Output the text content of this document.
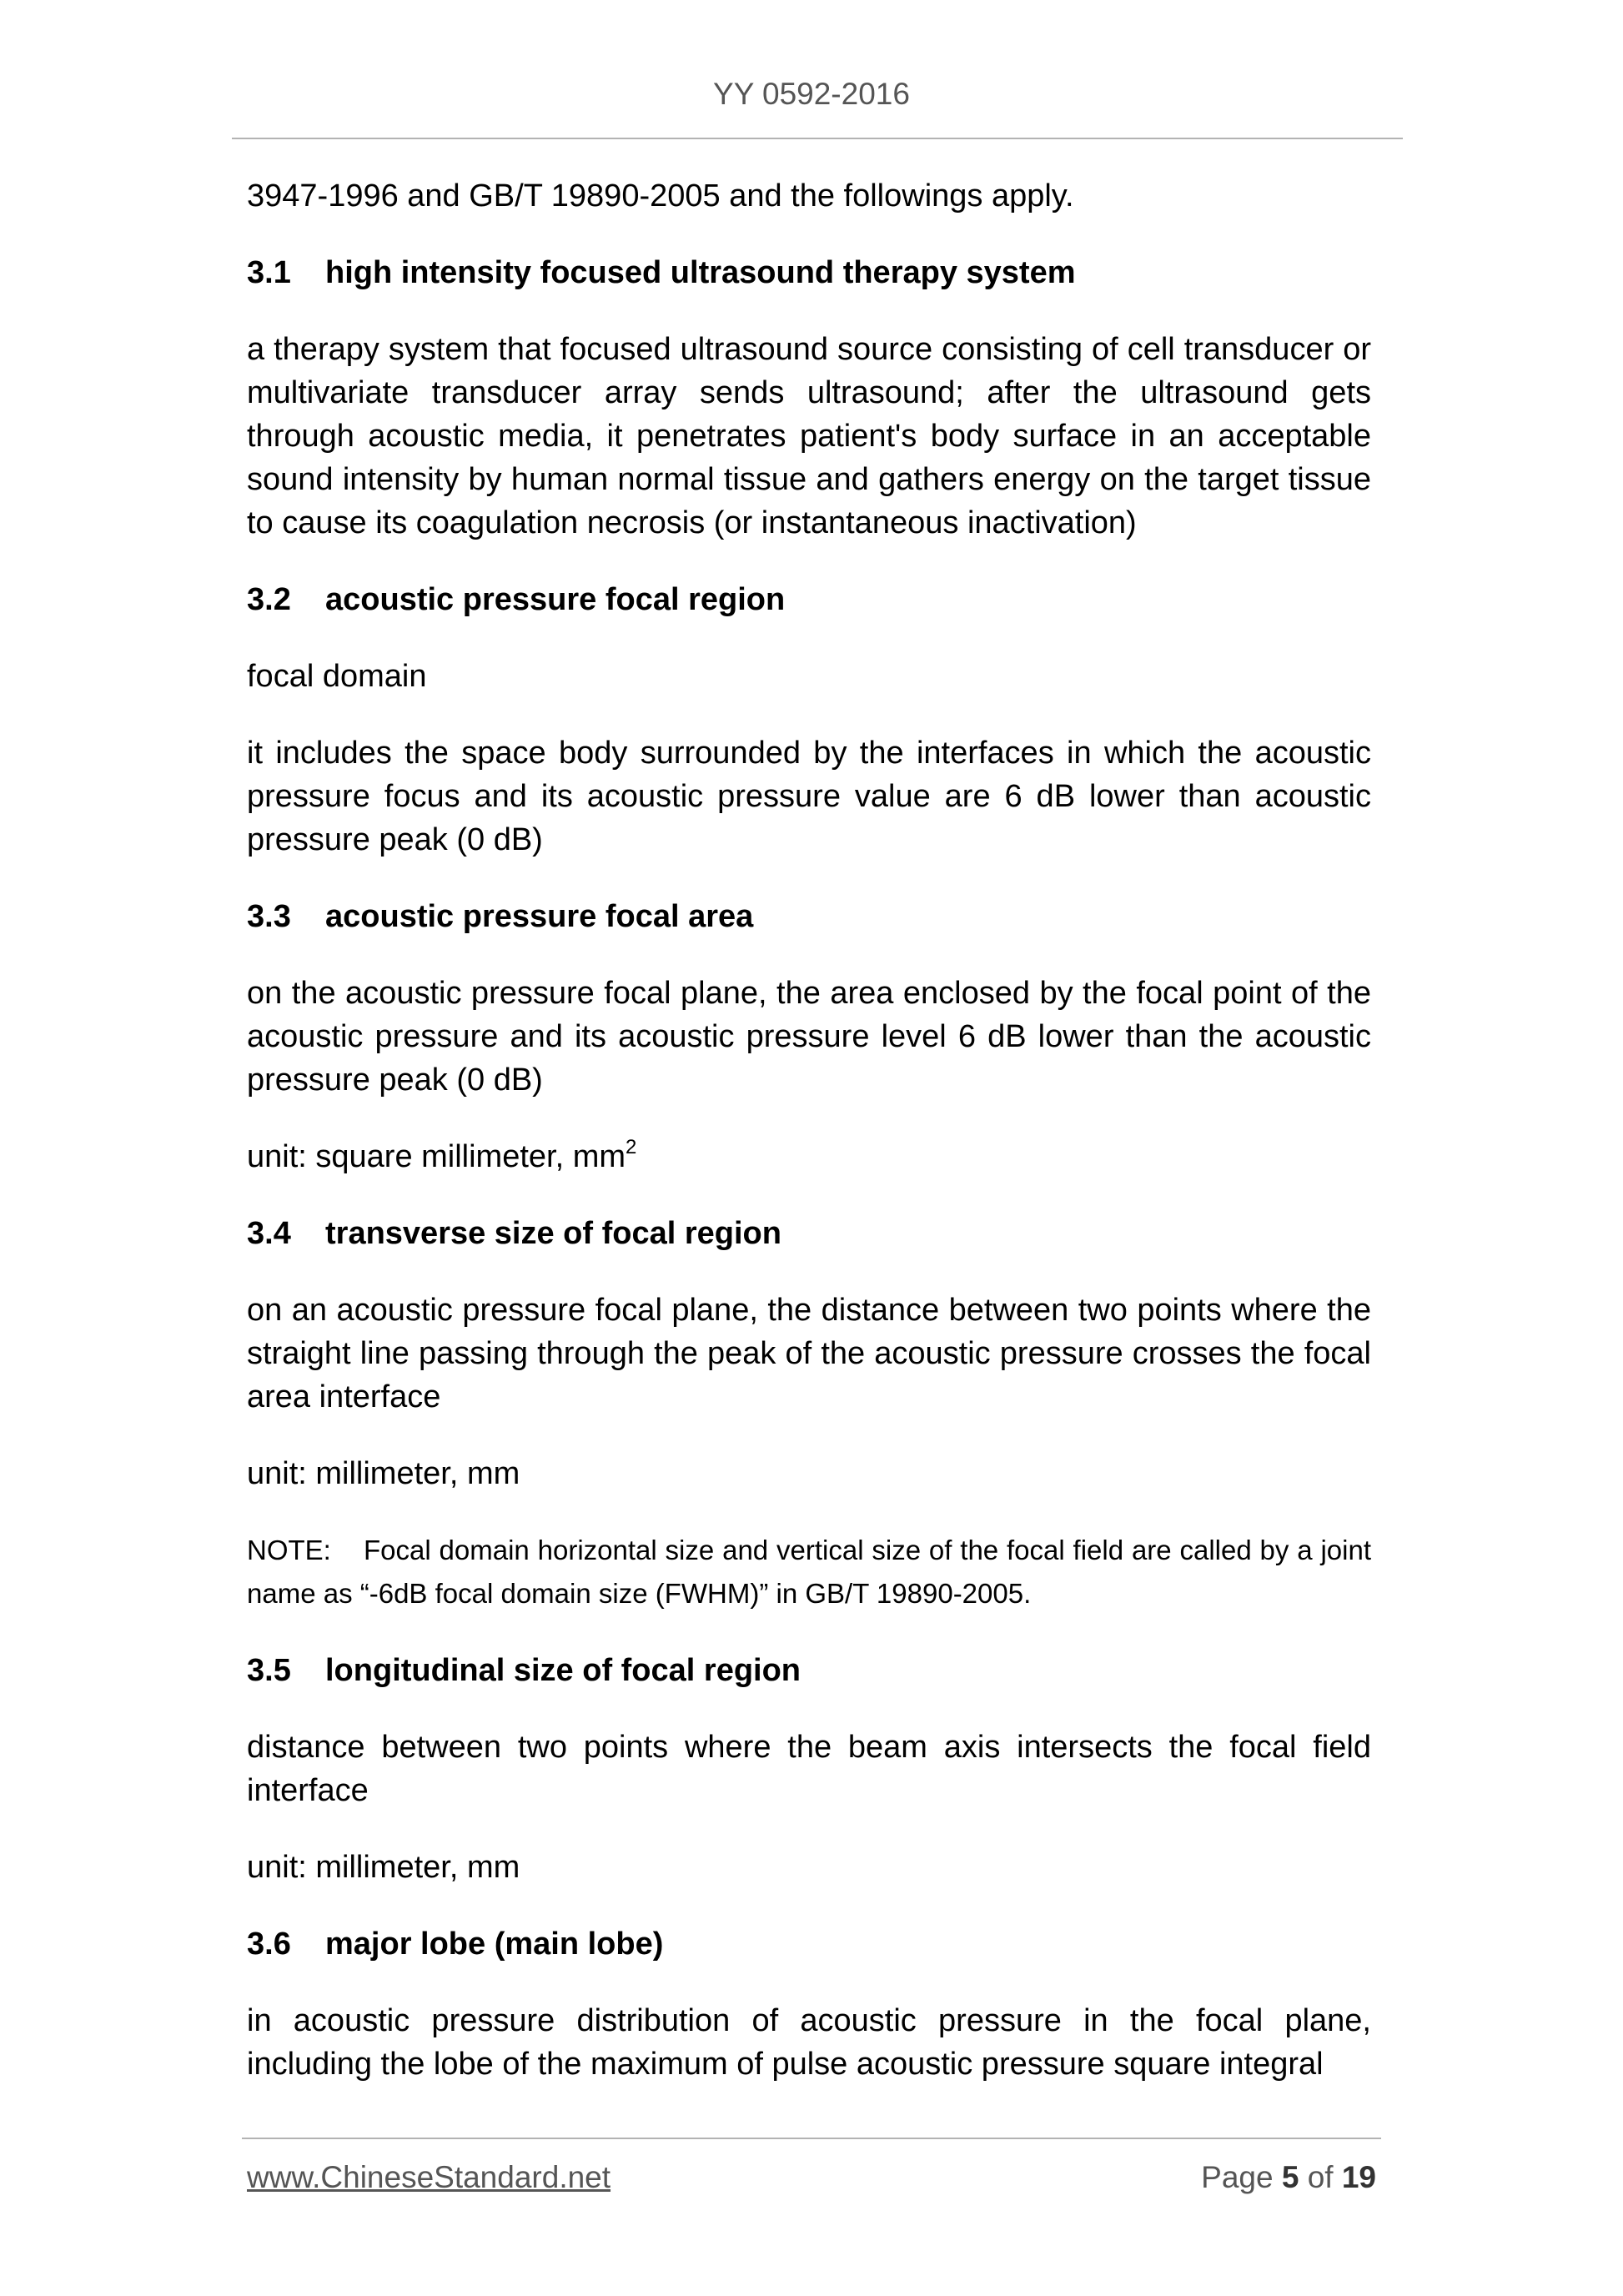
YY 0592-2016

3947-1996 and GB/T 19890-2005 and the followings apply.

3.1 high intensity focused ultrasound therapy system

a therapy system that focused ultrasound source consisting of cell transducer or multivariate transducer array sends ultrasound; after the ultrasound gets through acoustic media, it penetrates patient's body surface in an acceptable sound intensity by human normal tissue and gathers energy on the target tissue to cause its coagulation necrosis (or instantaneous inactivation)

3.2 acoustic pressure focal region

focal domain

it includes the space body surrounded by the interfaces in which the acoustic pressure focus and its acoustic pressure value are 6 dB lower than acoustic pressure peak (0 dB)

3.3 acoustic pressure focal area

on the acoustic pressure focal plane, the area enclosed by the focal point of the acoustic pressure and its acoustic pressure level 6 dB lower than the acoustic pressure peak (0 dB)

unit: square millimeter, $mm^2$

3.4 transverse size of focal region

on an acoustic pressure focal plane, the distance between two points where the straight line passing through the peak of the acoustic pressure crosses the focal area interface

unit: millimeter, mm

NOTE: Focal domain horizontal size and vertical size of the focal field are called by a joint name as “-6dB focal domain size (FWHM)” in GB/T 19890-2005.

3.5 longitudinal size of focal region

distance between two points where the beam axis intersects the focal field interface

unit: millimeter, mm

3.6 major lobe (main lobe)

in acoustic pressure distribution of acoustic pressure in the focal plane, including the lobe of the maximum of pulse acoustic pressure square integral

www.ChineseStandard.net	Page 5 of 19
